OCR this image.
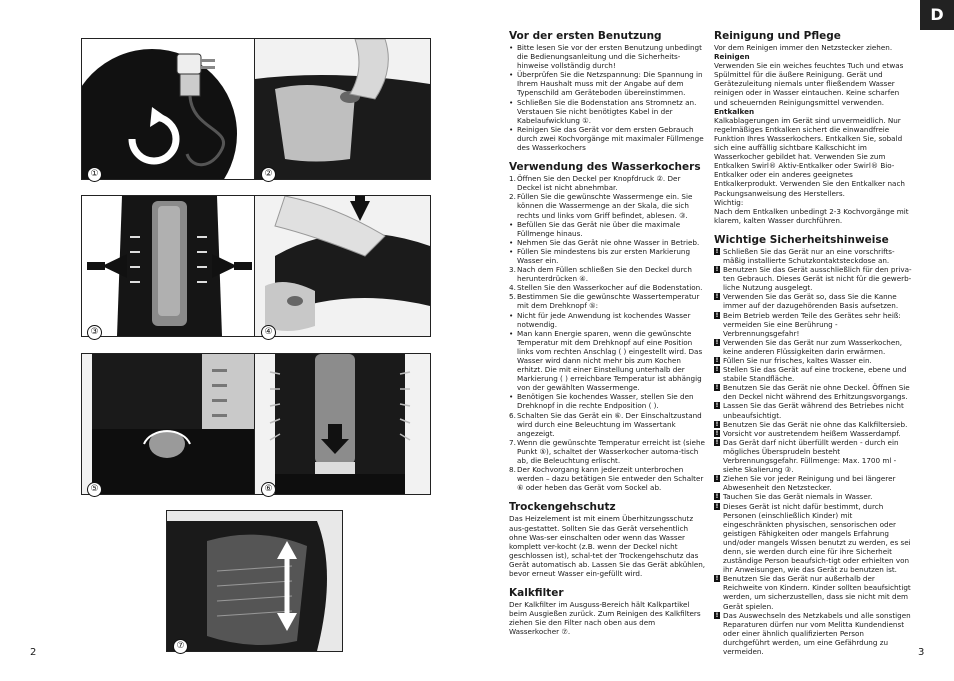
D
①	②
③	④
⑤	⑥
⑦
2	3
Vor der ersten Benutzung
• Bitte lesen Sie vor der ersten Benutzung unbedingt die Bedienungsanleitung und die Sicherheits-hinweise vollständig durch!
• Überprüfen Sie die Netzspannung: Die Spannung in Ihrem Haushalt muss mit der Angabe auf dem Typenschild am Geräteboden übereinstimmen.
• Schließen Sie die Bodenstation ans Stromnetz an. Verstauen Sie nicht benötigtes Kabel in der Kabelaufwicklung ①.
• Reinigen Sie das Gerät vor dem ersten Gebrauch durch zwei Kochvorgänge mit maximaler Füllmenge des Wasserkochers
Verwendung des Wasserkochers
1. Öffnen Sie den Deckel per Knopfdruck ②. Der Deckel ist nicht abnehmbar.
2. Füllen Sie die gewünschte Wassermenge ein. Sie können die Wassermenge an der Skala, die sich rechts und links vom Griff befindet, ablesen. ③.
• Befüllen Sie das Gerät nie über die maximale Füllmenge hinaus.
• Nehmen Sie das Gerät nie ohne Wasser in Betrieb.
• Füllen Sie mindestens bis zur ersten Markierung Wasser ein.
3. Nach dem Füllen schließen Sie den Deckel durch herunterdrücken ④.
4. Stellen Sie den Wasserkocher auf die Bodenstation.
5. Bestimmen Sie die gewünschte Wassertemperatur mit dem Drehknopf ⑤:
• Nicht für jede Anwendung ist kochendes Wasser notwendig.
• Man kann Energie sparen, wenn die gewünschte Temperatur mit dem Drehknopf auf eine Position links vom rechten Anschlag ( ) eingestellt wird. Das Wasser wird dann nicht mehr bis zum Kochen erhitzt. Die mit einer Einstellung unterhalb der Markierung ( ) erreichbare Temperatur ist abhängig von der gewählten Wassermenge.
• Benötigen Sie kochendes Wasser, stellen Sie den Drehknopf in die rechte Endposition ( ).
6. Schalten Sie das Gerät ein ⑥. Der Einschaltzustand wird durch eine Beleuchtung im Wassertank angezeigt.
7. Wenn die gewünschte Temperatur erreicht ist (siehe Punkt ⑤), schaltet der Wasserkocher automa-tisch ab, die Beleuchtung erlischt.
8. Der Kochvorgang kann jederzeit unterbrochen werden – dazu betätigen Sie entweder den Schalter ⑥ oder heben das Gerät vom Sockel ab.
Trockengehschutz

Das Heizelement ist mit einem Überhitzungsschutz aus-gestattet. Sollten Sie das Gerät versehentlich ohne Was-ser einschalten oder wenn das Wasser komplett ver-kocht (z.B. wenn der Deckel nicht geschlossen ist), schal-tet der Trockengehschutz das Gerät automatisch ab. Lassen Sie das Gerät abkühlen, bevor erneut Wasser ein-gefüllt wird.

Kalkfilter

Der Kalkfilter im Ausguss-Bereich hält Kalkpartikel beim Ausgießen zurück. Zum Reinigen des Kalkfilters ziehen Sie den Filter nach oben aus dem Wasserkocher ⑦.

Reinigung und Pflege

Vor dem Reinigen immer den Netzstecker ziehen.

Reinigen

Verwenden Sie ein weiches feuchtes Tuch und etwas Spülmittel für die äußere Reinigung. Gerät und Gerätezuleitung niemals unter fließendem Wasser reinigen oder in Wasser eintauchen. Keine scharfen und scheuernden Reinigungsmittel verwenden.

Entkalken

Kalkablagerungen im Gerät sind unvermeidlich. Nur regelmäßiges Entkalken sichert die einwandfreie Funktion Ihres Wasserkochers. Entkalken Sie, sobald sich eine auffällig sichtbare Kalkschicht im Wasserkocher gebildet hat. Verwenden Sie zum Entkalken Swirl® Aktiv-Entkalker oder Swirl® Bio-Entkalker oder ein anderes geeignetes Entkalkerprodukt. Verwenden Sie den Entkalker nach Packungsanweisung des Herstellers.

Wichtig:

Nach dem Entkalken unbedingt 2-3 Kochvorgänge mit klarem, kalten Wasser durchführen.

Wichtige Sicherheitshinweise
! Schließen Sie das Gerät nur an eine vorschrifts-mäßig installierte Schutzkontaktsteckdose an.
! Benutzen Sie das Gerät ausschließlich für den priva-ten Gebrauch. Dieses Gerät ist nicht für die gewerb-liche Nutzung ausgelegt.
! Verwenden Sie das Gerät so, dass Sie die Kanne immer auf der dazugehörenden Basis aufsetzen.
! Beim Betrieb werden Teile des Gerätes sehr heiß: vermeiden Sie eine Berührung -Verbrennungsgefahr!
! Verwenden Sie das Gerät nur zum Wasserkochen, keine anderen Flüssigkeiten darin erwärmen.
! Füllen Sie nur frisches, kaltes Wasser ein.
! Stellen Sie das Gerät auf eine trockene, ebene und stabile Standfläche.
! Benutzen Sie das Gerät nie ohne Deckel. Öffnen Sie den Deckel nicht während des Erhitzungsvorgangs.
! Lassen Sie das Gerät während des Betriebes nicht unbeaufsichtigt.
! Benutzen Sie das Gerät nie ohne das Kalkfiltersieb.
! Vorsicht vor austretendem heißem Wasserdampf.
! Das Gerät darf nicht überfüllt werden - durch ein mögliches Übersprudeln besteht Verbrennungsgefahr. Füllmenge: Max. 1700 ml - siehe Skalierung ③.
! Ziehen Sie vor jeder Reinigung und bei längerer Abwesenheit den Netzstecker.
! Tauchen Sie das Gerät niemals in Wasser.
! Dieses Gerät ist nicht dafür bestimmt, durch Personen (einschließlich Kinder) mit eingeschränkten physischen, sensorischen oder geistigen Fähigkeiten oder mangels Erfahrung und/oder mangels Wissen benutzt zu werden, es sei denn, sie werden durch eine für ihre Sicherheit zuständige Person beaufsich-tigt oder erhielten von ihr Anweisungen, wie das Gerät zu benutzen ist.
! Benutzen Sie das Gerät nur außerhalb der Reichweite von Kindern. Kinder sollten beaufsichtigt werden, um sicherzustellen, dass sie nicht mit dem Gerät spielen.
! Das Auswechseln des Netzkabels und alle sonstigen Reparaturen dürfen nur vom Melitta Kundendienst oder einer ähnlich qualifizierten Person durchgeführt werden, um eine Gefährdung zu vermeiden.
